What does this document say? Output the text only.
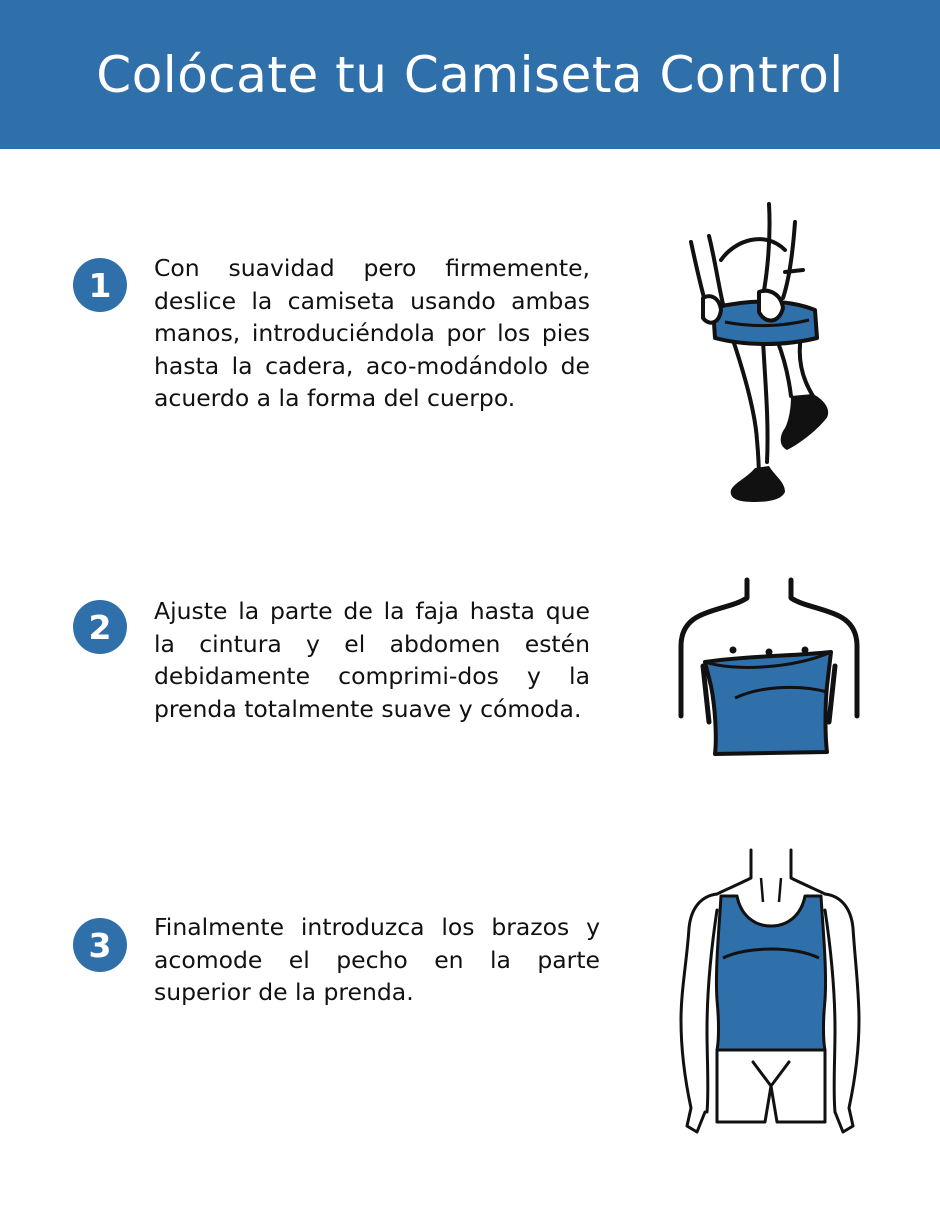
Colócate tu Camiseta Control
1	Con suavidad pero firmemente, deslice la camiseta usando ambas manos, introduciéndola por los pies hasta la cadera, aco-modándolo de acuerdo a la forma del cuerpo.
2	Ajuste la parte de la faja hasta que la cintura y el abdomen estén debidamente comprimi-dos y la prenda totalmente suave y cómoda.
3	Finalmente introduzca los brazos y acomode el pecho en la parte superior de la prenda.
